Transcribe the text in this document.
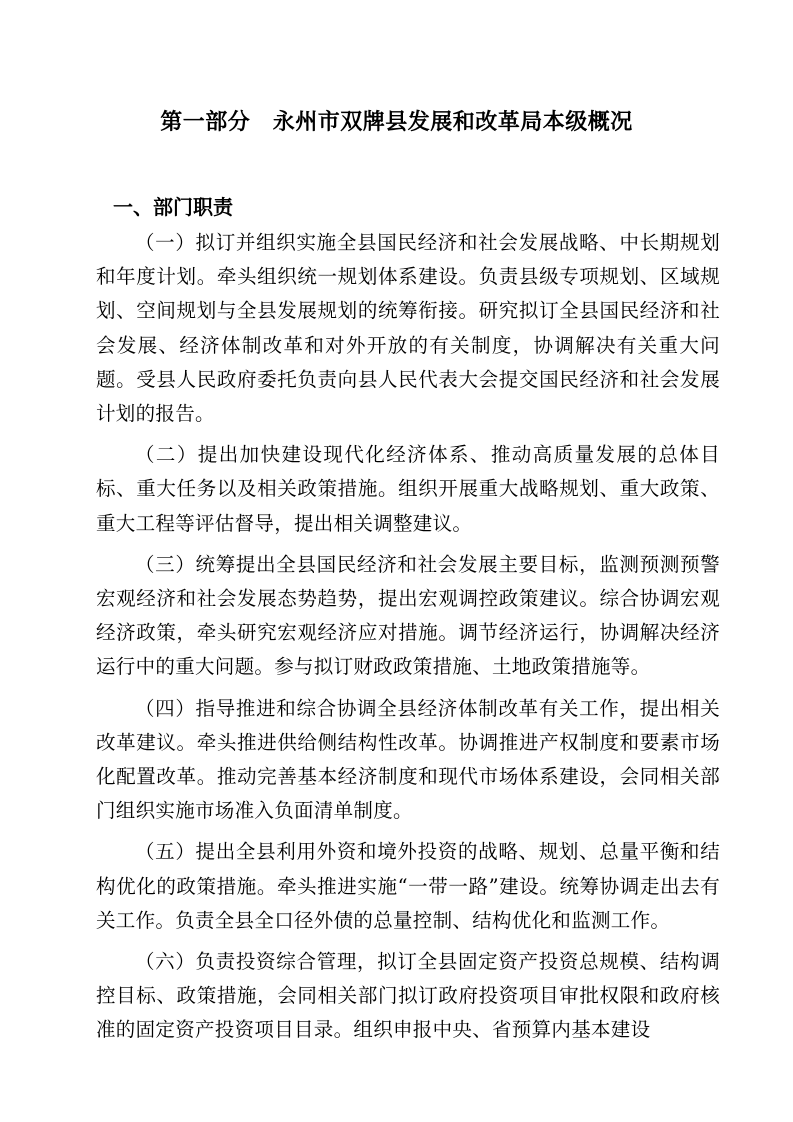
第一部分　永州市双牌县发展和改革局本级概况
一、部门职责

（一）拟订并组织实施全县国民经济和社会发展战略、中长期规划和年度计划。牵头组织统一规划体系建设。负责县级专项规划、区域规划、空间规划与全县发展规划的统筹衔接。研究拟订全县国民经济和社会发展、经济体制改革和对外开放的有关制度，协调解决有关重大问题。受县人民政府委托负责向县人民代表大会提交国民经济和社会发展计划的报告。

（二）提出加快建设现代化经济体系、推动高质量发展的总体目标、重大任务以及相关政策措施。组织开展重大战略规划、重大政策、重大工程等评估督导，提出相关调整建议。

（三）统筹提出全县国民经济和社会发展主要目标，监测预测预警宏观经济和社会发展态势趋势，提出宏观调控政策建议。综合协调宏观经济政策，牵头研究宏观经济应对措施。调节经济运行，协调解决经济运行中的重大问题。参与拟订财政政策措施、土地政策措施等。

（四）指导推进和综合协调全县经济体制改革有关工作，提出相关改革建议。牵头推进供给侧结构性改革。协调推进产权制度和要素市场化配置改革。推动完善基本经济制度和现代市场体系建设，会同相关部门组织实施市场准入负面清单制度。

（五）提出全县利用外资和境外投资的战略、规划、总量平衡和结构优化的政策措施。牵头推进实施“一带一路”建设。统筹协调走出去有关工作。负责全县全口径外债的总量控制、结构优化和监测工作。

（六）负责投资综合管理，拟订全县固定资产投资总规模、结构调控目标、政策措施，会同相关部门拟订政府投资项目审批权限和政府核准的固定资产投资项目目录。组织申报中央、省预算内基本建设
